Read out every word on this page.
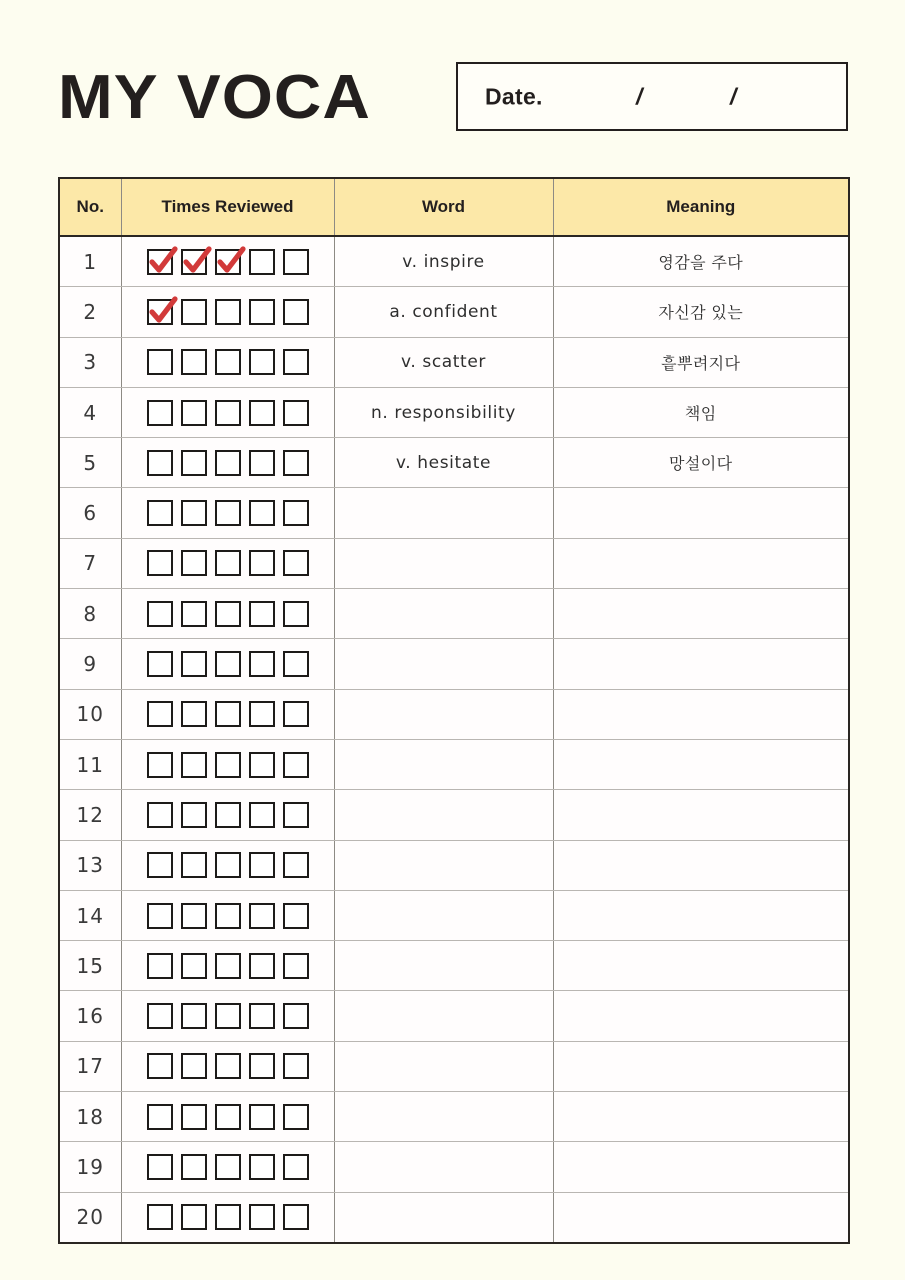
MY VOCA	Date.	/	/
No.	Times Reviewed	Word	Meaning
1		v. inspire	영감을 주다
2		a. confident	자신감 있는
3		v. scatter	흩뿌려지다
4		n. responsibility	책임
5		v. hesitate	망설이다
6	

7	

8	

9	

10	

11	

12	

13	

14	

15	

16	

17	

18	

19	

20	
